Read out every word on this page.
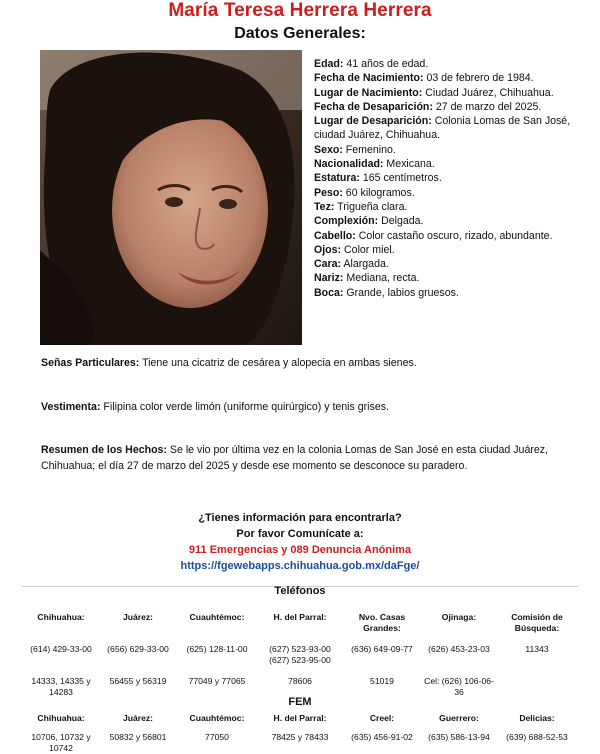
María Teresa Herrera Herrera
Datos Generales:
Edad: 41 años de edad.
Fecha de Nacimiento: 03 de febrero de 1984.
Lugar de Nacimiento: Ciudad Juárez, Chihuahua.
Fecha de Desaparición: 27 de marzo del 2025.
Lugar de Desaparición: Colonia Lomas de San José, ciudad Juárez, Chihuahua.
Sexo: Femenino.
Nacionalidad: Mexicana.
Estatura: 165 centímetros.
Peso: 60 kilogramos.
Tez: Trigueña clara.
Complexión: Delgada.
Cabello: Color castaño oscuro, rizado, abundante.
Ojos: Color miel.
Cara: Alargada.
Nariz: Mediana, recta.
Boca: Grande, labios gruesos.
Señas Particulares: Tiene una cicatriz de cesárea y alopecia en ambas sienes.
Vestimenta: Filipina color verde limón (uniforme quirúrgico) y tenis grises.
Resumen de los Hechos: Se le vio por última vez en la colonia Lomas de San José en esta ciudad Juárez, Chihuahua; el día 27 de marzo del 2025 y desde ese momento se desconoce su paradero.
¿Tienes información para encontrarla?
Por favor Comunícate a:
911 Emergencias y 089 Denuncia Anónima
https://fgewebapps.chihuahua.gob.mx/daFge/
Teléfonos
Chihuahua:	Juárez:	Cuauhtémoc:	H. del Parral:	Nvo. Casas Grandes:	Ojinaga:	Comisión de Búsqueda:

(614) 429-33-00	(656) 629-33-00	(625) 128-11-00	(627) 523-93-00 (627) 523-95-00	(636) 649-09-77	(626) 453-23-03	11343

14333, 14335 y 14283	56455 y 56319	77049 y 77065	78606	51019	Cel: (626) 106-06-36	
FEM
Chihuahua:	Juárez:	Cuauhtémoc:	H. del Parral:	Creel:	Guerrero:	Delicias:

10706, 10732 y 10742	50832 y 56801	77050	78425 y 78433	(635) 456-91-02	(635) 586-13-94	(639) 688-52-53
